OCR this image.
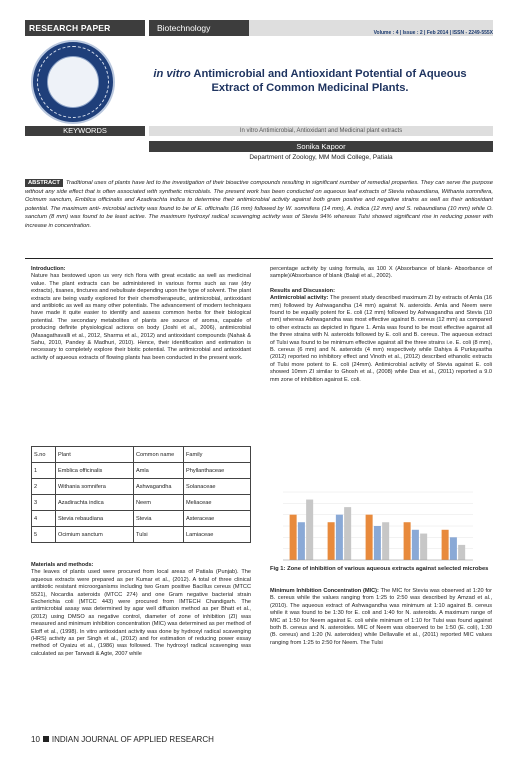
RESEARCH PAPER	Biotechnology	Volume : 4 | Issue : 2 | Feb 2014 | ISSN - 2249-555X
in vitro Antimicrobial and Antioxidant Potential of Aqueous Extract of Common Medicinal Plants.
KEYWORDS	In vitro Antimicrobial, Antioxidant and Medicinal plant extracts
Sonika Kapoor
Department of Zoology, MM Modi College, Patiala
ABSTRACT Traditional uses of plants have led to the investigation of their bioactive compounds resulting in significant number of remedial properties. They can serve the purpose without any side effect that is often associated with synthetic microbials. The present work has been conducted on aqueous leaf extracts of Stevia rebaundiana, Withania somnifera, Ocimum sanctum, Emblica officinalis and Azadirachta indica to determine their antimicrobial activity against both gram positive and negative strains as well as their antioxidant potential. The maximum anti- microbial activity was found to be of E. officinalis (16 mm) followed by W. somnifera (14 mm), A. indica (12 mm) and S. rebaundiana (10 mm) while O. sanctum (8 mm) was found to be least active. The maximum hydroxyl radical scavenging activity was of Stevia 94% whereas Tulsi showed significant rise in reducing power with increase in concentration.
Introduction:
Nature has bestowed upon us very rich flora with great ecstatic as well as medicinal value. The plant extracts can be administered in various forms such as raw (dry extracts), tisanes, tinctures and nebulisate depending upon the type of solvent. The plant extracts are being vastly explored for their chemotherapeutic, antimicrobial, antioxidant and antibiotic as well as many other potentials. The advancement of modern techniques have made it quite easier to identify and assess common herbs for their biological potential. The secondary metabolites of plants are source of aroma, capable of producing definite physiological actions on body (Joshi et al., 2006), antimicrobial (Masagathavalli et al., 2012, Sharma et al., 2012) and antioxidant compounds (Nahak & Sahu, 2010, Pandey & Madhuri, 2010). Hence, their identification and estimation is necessary to completely explore their biotic potential. The antimicrobial and antioxidant activity of aqueous extracts of flowing plants has been conducted in the present work.
S.no	Plant	Common name	Family
1	Emblica officinalis	Amla	Phyllanthaceae
2	Withania somnifera	Ashwagandha	Solanaceae
3	Azadirachta indica	Neem	Meliaceae
4	Stevia rebaudiana	Stevia	Asteraceae
5	Ocimium sanctum	Tulsi	Lamiaceae
Materials and methods:
The leaves of plants used were procured from local areas of Patiala (Punjab). The aqueous extracts were prepared as per Kumar et al., (2012). A total of three clinical antibiotic resistant microorganisms including two Gram positive Bacillus cereus (MTCC 5521), Nocardia asteroids (MTCC 274) and one Gram negative bacterial strain Escherichia coli (MTCC 443) were procured from IMTECH Chandigarh. The antimicrobial assay was determined by agar well diffusion method as per Bhatt et al., (2012) using DMSO as negative control, diameter of zone of inhibition (ZI) was measured and minimum inhibition concentration (MIC) was determined as per method of Eloff et al., (1998). In vitro antioxidant activity was done by hydroxyl radical scavenging (HRS) activity as per Singh et al., (2012) and for estimation of reducing power essay method of Oyaizu et al., (1986) was followed. The hydroxyl radical scavenging was calculated as per Tarwadi & Agte, 2007 while
percentage activity by using formula, as 100 X (Absorbance of blank- Absorbance of sample)/Absorbance of blank (Balaji et al., 2002).
Results and Discussion:
Antimicrobial activity: The present study described maximum ZI by extracts of Amla (16 mm) followed by Ashwagandha (14 mm) against N. asteroids. Amla and Neem were found to be equally potent for E. coli (12 mm) followed by Ashwagandha and Stevia (10 mm) whereas Ashwagandha was most effective against B. cereus (12 mm) as compared to other extracts as depicted in figure 1. Amla was found to be most effective against all the three strains with N. asteroids followed by E. coli and B. cereus. The aqueous extract of Tulsi was found to be minimum effective against all the three strains i.e. E. coli (8 mm), B. cereus (6 mm) and N. asteroids (4 mm) respectively while Dahiya & Purkayastha (2012) reported no inhibitory effect and Vinoth et al., (2012) described ethanolic extracts of Tulsi more potent to E. coli (24mm). Antimicrobial activity of Stevia against E. coli showed 10mm ZI similar to Ghosh et al., (2008) while Das et al., (2011) reported a 9.0 mm zone of inhibition against E. coli.
Fig 1: Zone of inhibition of various aqueous extracts against selected microbes
Minimum Inhibition Concentration (MIC): The MIC for Stevia was observed at 1:20 for B. cereus while the values ranging from 1:25 to 2:50 was described by Amzad et al., (2010). The aqueous extract of Ashwagandha was minimum at 1:10 against B. cereus while it was found to be 1:30 for E. coli and 1:40 for N. asteroids. A maximum range of MIC at 1:50 for Neem against E. coli while minimum of 1:10 for Tulsi was found against both B. cereus and N. asteroides. MIC of Neem was observed to be 1:50 (E. coli), 1:30 (B. cereus) and 1:20 (N. asteroides) while Dellavalle et al., (2011) reported MIC values ranging from 1:25 to 2:50 for Neem. The Tulsi
10 INDIAN JOURNAL OF APPLIED RESEARCH
